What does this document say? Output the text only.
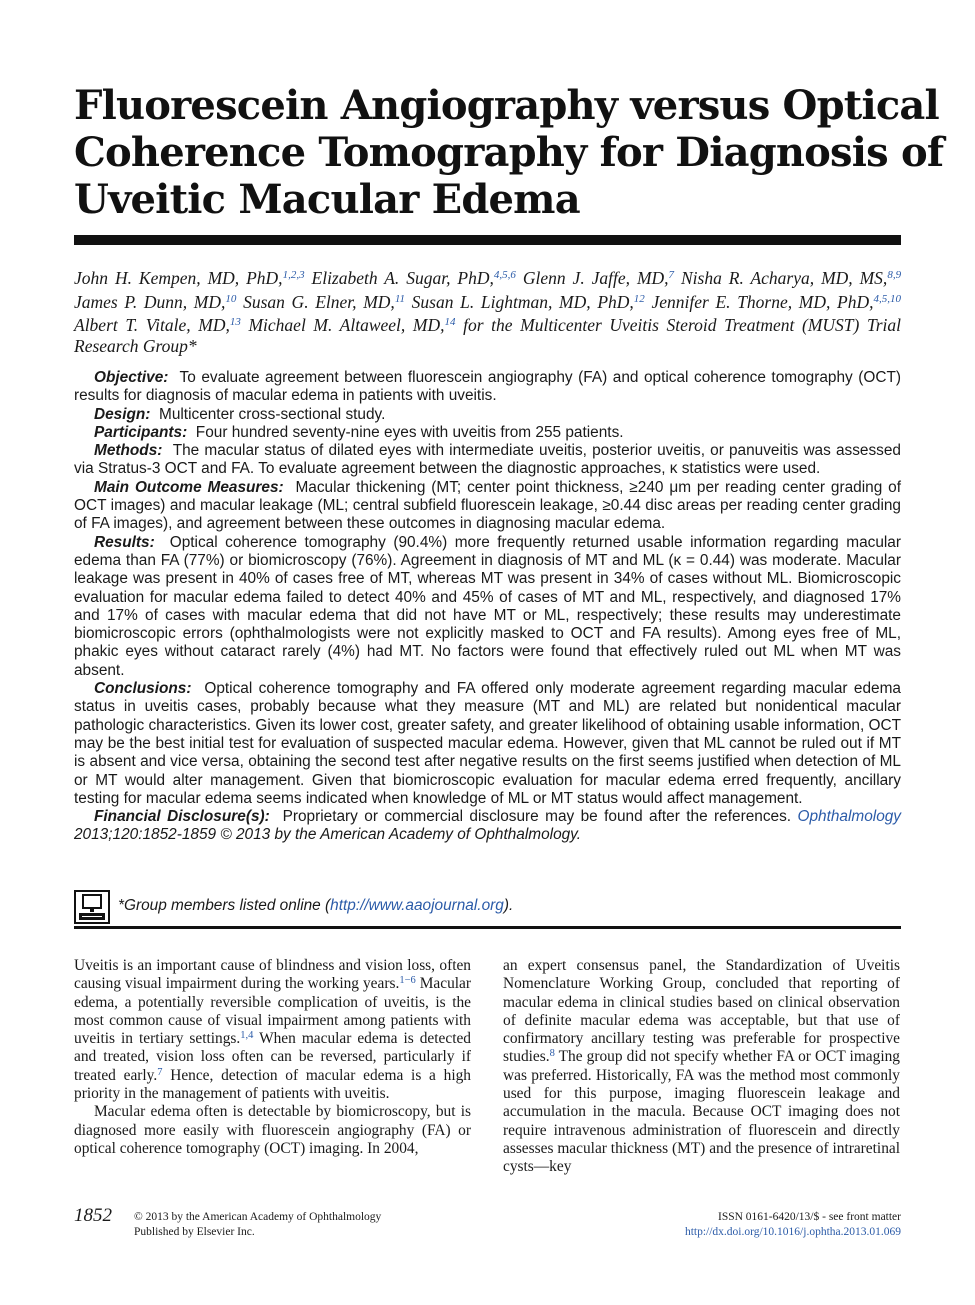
Fluorescein Angiography versus Optical
Coherence Tomography for Diagnosis of
Uveitic Macular Edema
John H. Kempen, MD, PhD,$^{1,2,3}$ Elizabeth A. Sugar, PhD,$^{4,5,6}$ Glenn J. Jaffe, MD,$^7$ Nisha R. Acharya, MD, MS,$^{8,9}$
James P. Dunn, MD,$^{10}$ Susan G. Elner, MD,$^{11}$ Susan L. Lightman, MD, PhD,$^{12}$ Jennifer E. Thorne, MD, PhD,$^{4,5,10}$
Albert T. Vitale, MD,$^{13}$ Michael M. Altaweel, MD,$^{14}$ for the Multicenter Uveitis Steroid Treatment (MUST) Trial
Research Group*

Objective: To evaluate agreement between fluorescein angiography (FA) and optical coherence tomography (OCT) results for diagnosis of macular edema in patients with uveitis.

Design: Multicenter cross-sectional study.

Participants: Four hundred seventy-nine eyes with uveitis from 255 patients.

Methods: The macular status of dilated eyes with intermediate uveitis, posterior uveitis, or panuveitis was assessed via Stratus-3 OCT and FA. To evaluate agreement between the diagnostic approaches, κ statistics were used.

Main Outcome Measures: Macular thickening (MT; center point thickness, ≥240 μm per reading center grading of OCT images) and macular leakage (ML; central subfield fluorescein leakage, ≥0.44 disc areas per reading center grading of FA images), and agreement between these outcomes in diagnosing macular edema.

Results: Optical coherence tomography (90.4%) more frequently returned usable information regarding macular edema than FA (77%) or biomicroscopy (76%). Agreement in diagnosis of MT and ML (κ = 0.44) was moderate. Macular leakage was present in 40% of cases free of MT, whereas MT was present in 34% of cases without ML. Biomicroscopic evaluation for macular edema failed to detect 40% and 45% of cases of MT and ML, respectively, and diagnosed 17% and 17% of cases with macular edema that did not have MT or ML, respectively; these results may underestimate biomicroscopic errors (ophthalmologists were not explicitly masked to OCT and FA results). Among eyes free of ML, phakic eyes without cataract rarely (4%) had MT. No factors were found that effectively ruled out ML when MT was absent.

Conclusions: Optical coherence tomography and FA offered only moderate agreement regarding macular edema status in uveitis cases, probably because what they measure (MT and ML) are related but nonidentical macular pathologic characteristics. Given its lower cost, greater safety, and greater likelihood of obtaining usable information, OCT may be the best initial test for evaluation of suspected macular edema. However, given that ML cannot be ruled out if MT is absent and vice versa, obtaining the second test after negative results on the first seems justified when detection of ML or MT would alter management. Given that biomicroscopic evaluation for macular edema erred frequently, ancillary testing for macular edema seems indicated when knowledge of ML or MT status would affect management.

Financial Disclosure(s): Proprietary or commercial disclosure may be found after the references. Ophthalmology 2013;120:1852-1859 © 2013 by the American Academy of Ophthalmology.

*Group members listed online (http://www.aaojournal.org).

Uveitis is an important cause of blindness and vision loss, often causing visual impairment during the working years.$^{1-6}$ Macular edema, a potentially reversible complication of uveitis, is the most common cause of visual impairment among patients with uveitis in tertiary settings.$^{1,4}$ When macular edema is detected and treated, vision loss often can be reversed, particularly if treated early.$^7$ Hence, detection of macular edema is a high priority in the management of patients with uveitis.

Macular edema often is detectable by biomicroscopy, but is diagnosed more easily with fluorescein angiography (FA) or optical coherence tomography (OCT) imaging. In 2004,

an expert consensus panel, the Standardization of Uveitis Nomenclature Working Group, concluded that reporting of macular edema in clinical studies based on clinical observation of definite macular edema was acceptable, but that use of confirmatory ancillary testing was preferable for prospective studies.$^8$ The group did not specify whether FA or OCT imaging was preferred. Historically, FA was the method most commonly used for this purpose, imaging fluorescein leakage and accumulation in the macula. Because OCT imaging does not require intravenous administration of fluorescein and directly assesses macular thickness (MT) and the presence of intraretinal cysts—key

1852 © 2013 by the American Academy of Ophthalmology
Published by Elsevier Inc.
ISSN 0161-6420/13/$ - see front matter
http://dx.doi.org/10.1016/j.ophtha.2013.01.069
